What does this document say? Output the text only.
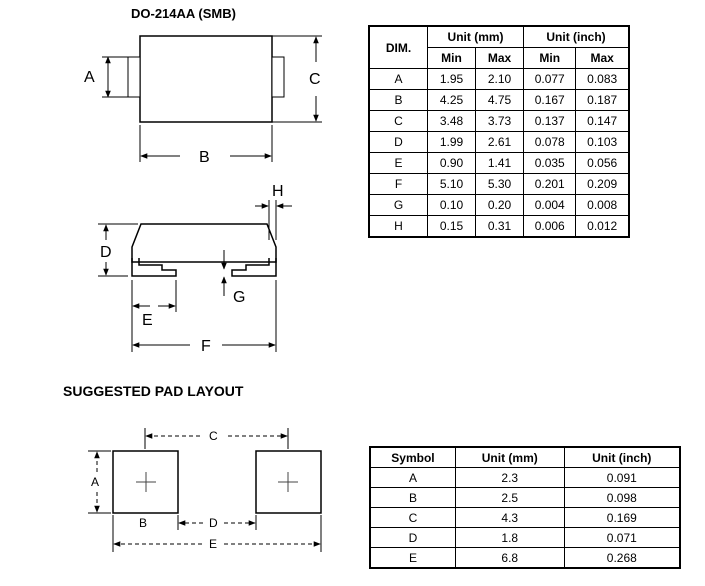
DO-214AA (SMB)
SUGGESTED PAD LAYOUT
A	C
B
H
D
G
E
F
C
A
B	D
E
DIM.	Unit (mm)		Unit (inch)	
	Min	Max	Min	Max
A	1.95	2.10	0.077	0.083
B	4.25	4.75	0.167	0.187
C	3.48	3.73	0.137	0.147
D	1.99	2.61	0.078	0.103
E	0.90	1.41	0.035	0.056
F	5.10	5.30	0.201	0.209
G	0.10	0.20	0.004	0.008
H	0.15	0.31	0.006	0.012
Symbol	Unit (mm)	Unit (inch)
A	2.3	0.091
B	2.5	0.098
C	4.3	0.169
D	1.8	0.071
E	6.8	0.268
